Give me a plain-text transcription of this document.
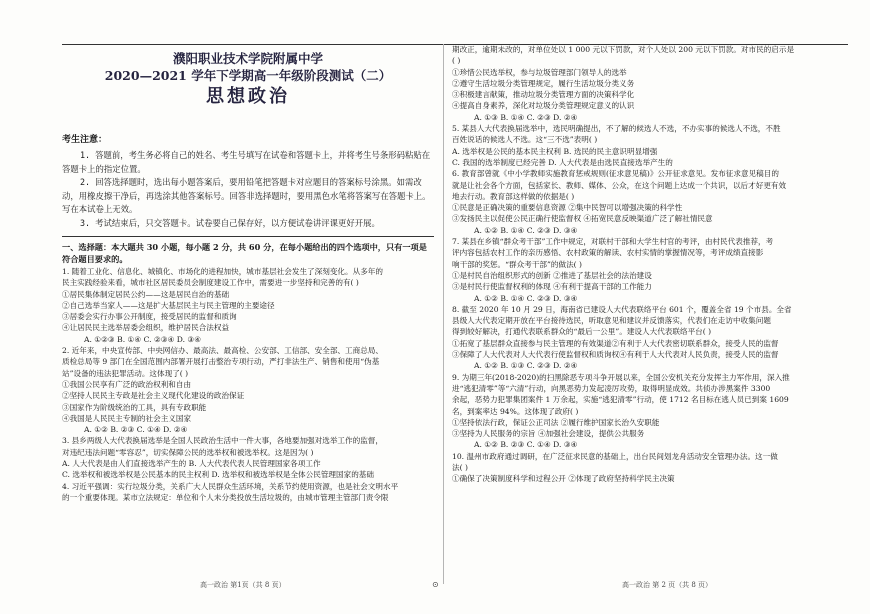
濮阳职业技术学院附属中学
2020—2021 学年下学期高一年级阶段测试（二）
思想政治
考生注意：

1. 答题前，考生务必将自己的姓名、考生号填写在试卷和答题卡上，并将考生号条形码粘贴在答题卡上的指定位置。

2. 回答选择题时，选出每小题答案后，要用铅笔把答题卡对应题目的答案标号涂黑。如需改动，用橡皮擦干净后，再选涂其他答案标号。回答非选择题时，要用黑色水笔将答案写在答题卡上。写在本试卷上无效。

3. 考试结束后，只交答题卡。试卷要自己保存好，以方便试卷讲评课更好开展。

一、选择题：本大题共 30 小题，每小题 2 分，共 60 分，在每小题给出的四个选项中，只有一项是符合题目要求的。

1. 随着工业化、信息化、城镇化、市场化的进程加快，城市基层社会发生了深刻变化。从多年的

民主实践经验来看，城市社区居民委员会制度建设工作中，需要进一步坚持和完善的有( )

①居民集体制定居民公约——这是居民自治的基础

②自己选举当家人——这是扩大基层民主与民主管理的主要途径

③居委会实行办事公开制度，接受居民的监督和质询

④让居民民主选举居委会组织，维护居民合法权益

A. ①②③ B. ①④ C. ②③④ D. ③④

2. 近年来，中央宣传部、中央网信办、最高法、最高检、公安部、工信部、安全部、工商总局、

质检总局等 9 部门在全国范围内部署开展打击整治专项行动，严打非法生产、销售和使用“伪基

站”设备的违法犯罪活动。这体现了( )

①我国公民享有广泛的政治权利和自由

②坚持人民民主专政是社会主义现代化建设的政治保证

③国家作为阶级统治的工具，具有专政职能

④我国是人民民主专制的社会主义国家

A. ①② B. ②③ C. ①④ D. ②④

3. 县乡两级人大代表换届选举是全国人民政治生活中一件大事，各地要加强对选举工作的监督，

对违纪违法问题“零容忍”，切实保障公民的选举权和被选举权。这是因为( )

A. 人大代表是由人们直接选举产生的 B. 人大代表代表人民管理国家各项工作

C. 选举权和被选举权是公民基本的民主权利 D. 选举权和被选举权是全体公民管理国家的基础

4. 习近平强调：实行垃圾分类，关系广大人民群众生活环境，关系节约使用资源，也是社会文明水平

的一个重要体现。某市立法规定：单位和个人未分类投放生活垃圾的，由城市管理主管部门责令限

期改正，逾期未改的，对单位处以 1 000 元以下罚款，对个人处以 200 元以下罚款。对市民的启示是

( )

①珍惜公民选举权，参与垃圾管理部门领导人的选举

②遵守生活垃圾分类管理规定，履行生活垃圾分类义务

③积极建言献策，推动垃圾分类管理方面的决策科学化

④提高自身素养，深化对垃圾分类管理规定意义的认识

A. ①③ B. ①④ C. ②③ D. ②④

5. 某县人大代表换届选举中，选民明确提出，不了解的候选人不选，不办实事的候选人不选，不胜

百姓说话的候选人不选。这“三不选”表明( )

A. 选举权是公民的基本民主权利 B. 选民的民主意识明显增强

C. 我国的选举制度已经完善 D. 人大代表是由选民直接选举产生的

6. 教育部曾就《中小学教师实施教育惩戒规则(征求意见稿)》公开征求意见。发布征求意见稿目的

就是让社会各个方面，包括家长、教师、媒体、公众，在这个问题上达成一个共识，以后才好更有效

地去行动。教育部这样做的依据是( )

①民意是正确决策的重要信息资源 ②集中民智可以增强决策的科学性

③发扬民主以促使公民正确行使监督权 ④拓宽民意反映渠道广泛了解社情民意

A. ①② B. ①④ C. ②③ D. ③④

7. 某县在乡镇“群众考干部”工作中规定，对联村干部和大学生村官的考评，由村民代表推荐，考

评内容包括农村工作的亲历感悟、农村政策的解读、农村实情的掌握情况等，考评成绩直接影

响干部的奖惩。“群众考干部”的做法( )

①是村民自治组织形式的创新 ②推进了基层社会的法治建设

③是村民行使监督权利的体现 ④有利于提高干部的工作能力

A. ①② B. ①④ C. ②③ D. ③④

8. 截至 2020 年 10 月 29 日，海南省已建设人大代表联络平台 601 个，覆盖全省 19 个市县。全省

县级人大代表定期开放在平台接待选民，听取意见和建议并反馈落实，代表们在走访中收集问题

得到较好解决，打通代表联系群众的“最后一公里”。建设人大代表联络平台( )

①拓宽了基层群众直接参与民主管理的有效渠道②有利于人大代表密切联系群众，接受人民的监督

③保障了人大代表对人大代表行使监督权和质询权④有利于人大代表对人民负责，接受人民的监督

A. ①② B. ①③ C. ②③ D. ②④

9. 为期三年(2018-2020)的扫黑除恶专项斗争开展以来，全国公安机关充分发挥主力军作用，深入推

进“逃犯清零”等“六清”行动，向黑恶势力发起凌厉攻势，取得明显成效。共侦办涉黑案件 3300

余起，恶势力犯罪集团案件 1 万余起，实施“逃犯清零”行动，使 1712 名目标在逃人员已到案 1609

名，到案率达 94%。这体现了政府( )

①坚持依法行政，保证公正司法 ②履行维护国家长治久安职能

③坚持为人民服务的宗旨 ④加强社会建设，提供公共服务

A. ①② B. ②③ C. ①④ D. ③④

10. 温州市政府通过调研，在广泛征求民意的基础上，出台民间划龙舟活动安全管理办法。这一做

法( )

①确保了决策制度科学和过程公开 ②体现了政府坚持科学民主决策

高一政治 第1页（共 8 页）	⊙	高一政治 第 2 页（共 8 页）
